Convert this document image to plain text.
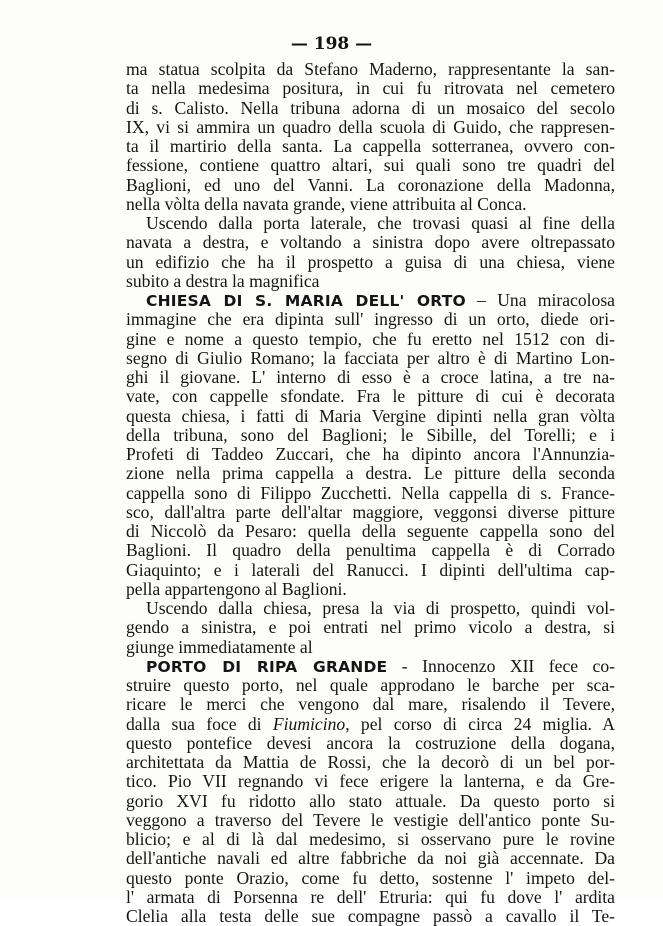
— 198 —
ma statua scolpita da Stefano Maderno, rappresentante la san-
ta nella medesima positura, in cui fu ritrovata nel cemetero
di s. Calisto. Nella tribuna adorna di un mosaico del secolo
IX, vi si ammira un quadro della scuola di Guido, che rappresen-
ta il martirio della santa. La cappella sotterranea, ovvero con-
fessione, contiene quattro altari, sui quali sono tre quadri del
Baglioni, ed uno del Vanni. La coronazione della Madonna,
nella vòlta della navata grande, viene attribuita al Conca.
Uscendo dalla porta laterale, che trovasi quasi al fine della
navata a destra, e voltando a sinistra dopo avere oltrepassato
un edifizio che ha il prospetto a guisa di una chiesa, viene
subito a destra la magnifica
CHIESA DI S. MARIA DELL' ORTO – Una miracolosa
immagine che era dipinta sull' ingresso di un orto, diede ori-
gine e nome a questo tempio, che fu eretto nel 1512 con di-
segno di Giulio Romano; la facciata per altro è di Martino Lon-
ghi il giovane. L' interno di esso è a croce latina, a tre na-
vate, con cappelle sfondate. Fra le pitture di cui è decorata
questa chiesa, i fatti di Maria Vergine dipinti nella gran vòlta
della tribuna, sono del Baglioni; le Sibille, del Torelli; e i
Profeti di Taddeo Zuccari, che ha dipinto ancora l'Annunzia-
zione nella prima cappella a destra. Le pitture della seconda
cappella sono di Filippo Zucchetti. Nella cappella di s. France-
sco, dall'altra parte dell'altar maggiore, veggonsi diverse pitture
di Niccolò da Pesaro: quella della seguente cappella sono del
Baglioni. Il quadro della penultima cappella è di Corrado
Giaquinto; e i laterali del Ranucci. I dipinti dell'ultima cap-
pella appartengono al Baglioni.
Uscendo dalla chiesa, presa la via di prospetto, quindi vol-
gendo a sinistra, e poi entrati nel primo vicolo a destra, si
giunge immediatamente al
PORTO DI RIPA GRANDE - Innocenzo XII fece co-
struire questo porto, nel quale approdano le barche per sca-
ricare le merci che vengono dal mare, risalendo il Tevere,
dalla sua foce di Fiumicino, pel corso di circa 24 miglia. A
questo pontefice devesi ancora la costruzione della dogana,
architettata da Mattia de Rossi, che la decorò di un bel por-
tico. Pio VII regnando vi fece erigere la lanterna, e da Gre-
gorio XVI fu ridotto allo stato attuale. Da questo porto si
veggono a traverso del Tevere le vestigie dell'antico ponte Su-
blicio; e al di là dal medesimo, si osservano pure le rovine
dell'antiche navali ed altre fabbriche da noi già accennate. Da
questo ponte Orazio, come fu detto, sostenne l' impeto del-
l' armata di Porsenna re dell' Etruria: qui fu dove l' ardita
Clelia alla testa delle sue compagne passò a cavallo il Te-
